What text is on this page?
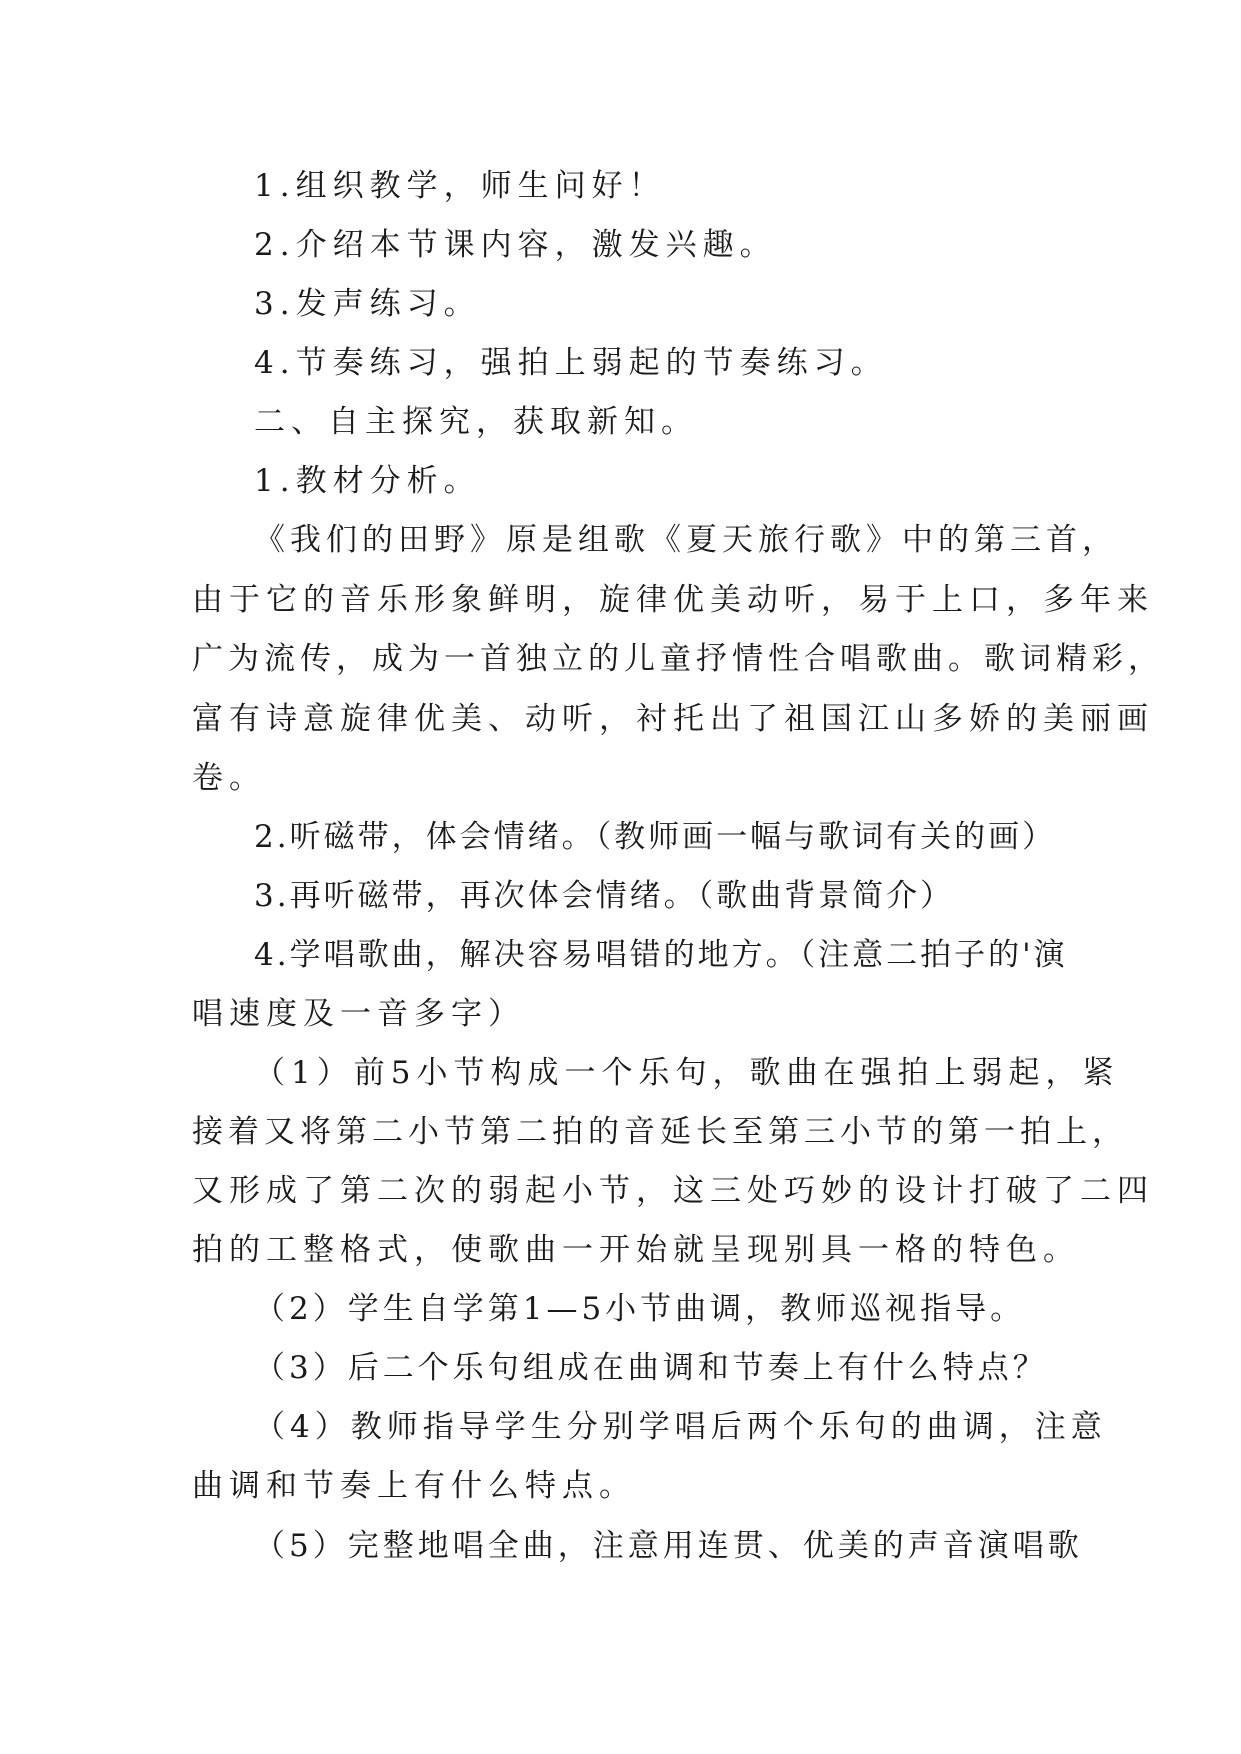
1.组织教学，师生问好！
2.介绍本节课内容，激发兴趣。
3.发声练习。
4.节奏练习，强拍上弱起的节奏练习。
二、自主探究，获取新知。
1.教材分析。
《我们的田野》原是组歌《夏天旅行歌》中的第三首，
由于它的音乐形象鲜明，旋律优美动听，易于上口，多年来
广为流传，成为一首独立的儿童抒情性合唱歌曲。歌词精彩，
富有诗意旋律优美、动听，衬托出了祖国江山多娇的美丽画
卷。
2.听磁带，体会情绪。（教师画一幅与歌词有关的画）
3.再听磁带，再次体会情绪。（歌曲背景简介）
4.学唱歌曲，解决容易唱错的地方。（注意二拍子的'演
唱速度及一音多字）
（1）前5小节构成一个乐句，歌曲在强拍上弱起，紧
接着又将第二小节第二拍的音延长至第三小节的第一拍上，
又形成了第二次的弱起小节，这三处巧妙的设计打破了二四
拍的工整格式，使歌曲一开始就呈现别具一格的特色。
（2）学生自学第1—5小节曲调，教师巡视指导。
（3）后二个乐句组成在曲调和节奏上有什么特点？
（4）教师指导学生分别学唱后两个乐句的曲调，注意
曲调和节奏上有什么特点。
（5）完整地唱全曲，注意用连贯、优美的声音演唱歌
